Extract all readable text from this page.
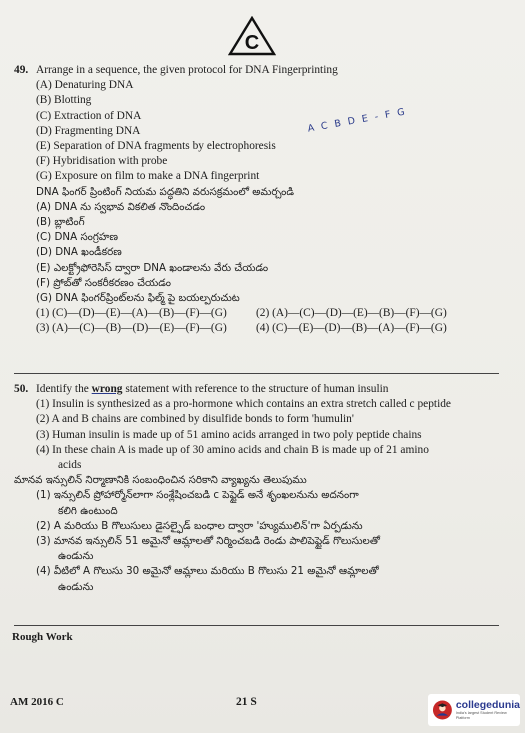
C
49. Arrange in a sequence, the given protocol for DNA Fingerprinting
(A) Denaturing DNA
(B) Blotting
(C) Extraction of DNA
(D) Fragmenting DNA
(E) Separation of DNA fragments by electrophoresis
(F) Hybridisation with probe
(G) Exposure on film to make a DNA fingerprint
DNA ఫింగర్ ప్రింటింగ్ నియమ పద్ధతిని వరుసక్రమంలో అమర్చండి
(A) DNA ను స్వభావ వికలిత నొందించడం
(B) బ్లాటింగ్
(C) DNA సంగ్రహణ
(D) DNA ఖండీకరణ
(E) ఎలక్ట్రోఫోరెసిస్ ద్వారా DNA ఖండాలను వేరు చేయడం
(F) ప్రోబ్‌తో సంకరీకరణం చేయడం
(G) DNA ఫింగర్‌ప్రింట్‌లను ఫిల్మ్ పై బయల్పరుచుట
(1) (C)—(D)—(E)—(A)—(B)—(F)—(G)	(2) (A)—(C)—(D)—(E)—(B)—(F)—(G)
(3) (A)—(C)—(B)—(D)—(E)—(F)—(G)	(4) (C)—(E)—(D)—(B)—(A)—(F)—(G)
A C B D E - F G
50. Identify the wrong statement with reference to the structure of human insulin
(1) Insulin is synthesized as a pro-hormone which contains an extra stretch called c peptide
(2) A and B chains are combined by disulfide bonds to form 'humulin'
(3) Human insulin is made up of 51 amino acids arranged in two poly peptide chains
(4) In these chain A is made up of 30 amino acids and chain B is made up of 21 amino
acids
మానవ ఇన్సులిన్ నిర్మాణానికి సంబంధించిన సరికాని వ్యాఖ్యను తెలుపుము
(1) ఇన్సులిన్ ప్రోహార్మోన్‌లాగా సంశ్లేషించబడి c పెప్టైడ్ అనే శృంఖలనును అదనంగా
కలిగి ఉంటుంది
(2) A మరియు B గొలుసులు డైసల్ఫైడ్ బంధాల ద్వారా 'హ్యుములిన్'గా ఏర్పడును
(3) మానవ ఇన్సులిన్ 51 అమైనో ఆమ్లాలతో నిర్మించబడి రెండు పాలిపెప్టైడ్ గొలుసులతో
ఉండును
(4) వీటిలో A గొలుసు 30 అమైనో ఆమ్లాలు మరియు B గొలుసు 21 అమైనో ఆమ్లాలతో
ఉండును
Rough Work
AM 2016 C	21 S	collegedunia
India's largest Student Review Platform
